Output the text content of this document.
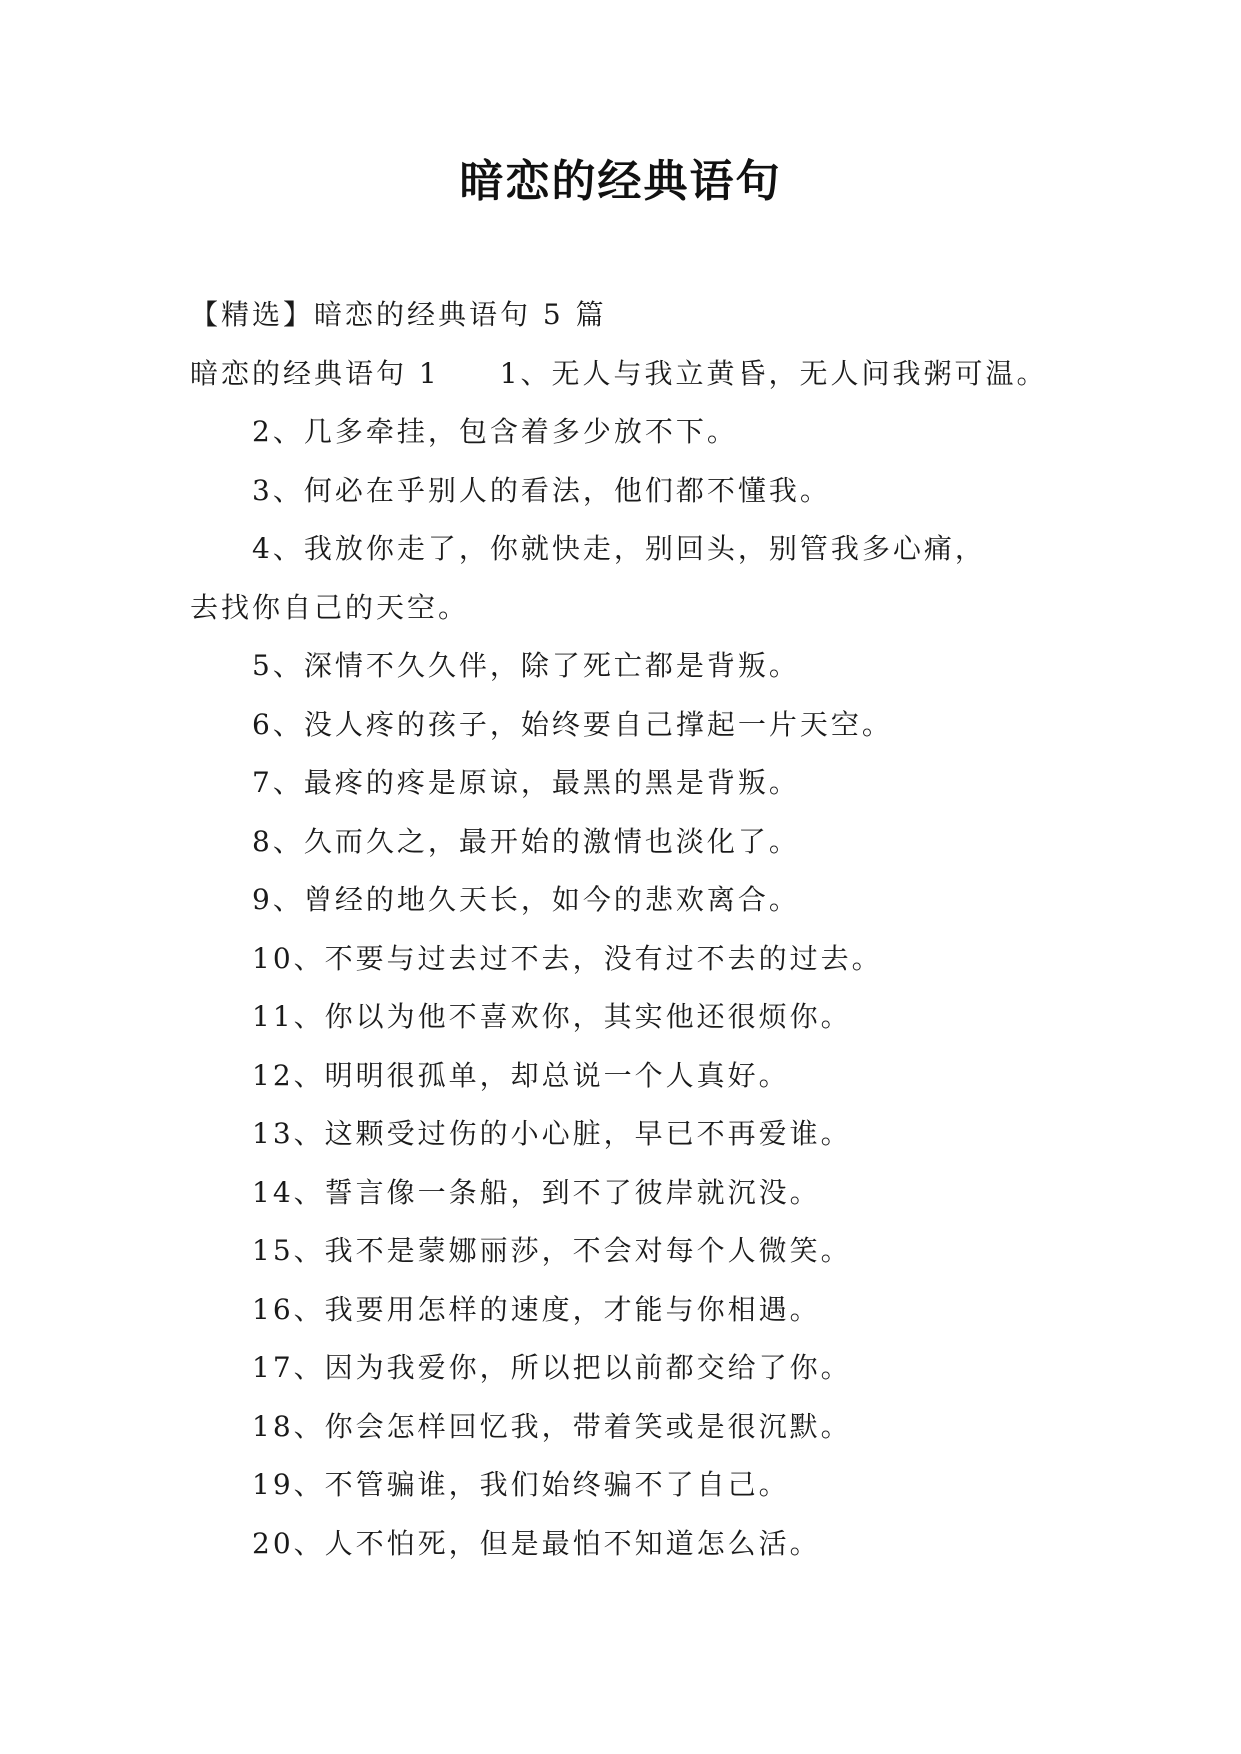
暗恋的经典语句
【精选】暗恋的经典语句 5 篇
暗恋的经典语句 1 1、无人与我立黄昏，无人问我粥可温。
2、几多牵挂，包含着多少放不下。
3、何必在乎别人的看法，他们都不懂我。
4、我放你走了，你就快走，别回头，别管我多心痛，
去找你自己的天空。
5、深情不久久伴，除了死亡都是背叛。
6、没人疼的孩子，始终要自己撑起一片天空。
7、最疼的疼是原谅，最黑的黑是背叛。
8、久而久之，最开始的激情也淡化了。
9、曾经的地久天长，如今的悲欢离合。
10、不要与过去过不去，没有过不去的过去。
11、你以为他不喜欢你，其实他还很烦你。
12、明明很孤单，却总说一个人真好。
13、这颗受过伤的小心脏，早已不再爱谁。
14、誓言像一条船，到不了彼岸就沉没。
15、我不是蒙娜丽莎，不会对每个人微笑。
16、我要用怎样的速度，才能与你相遇。
17、因为我爱你，所以把以前都交给了你。
18、你会怎样回忆我，带着笑或是很沉默。
19、不管骗谁，我们始终骗不了自己。
20、人不怕死，但是最怕不知道怎么活。
